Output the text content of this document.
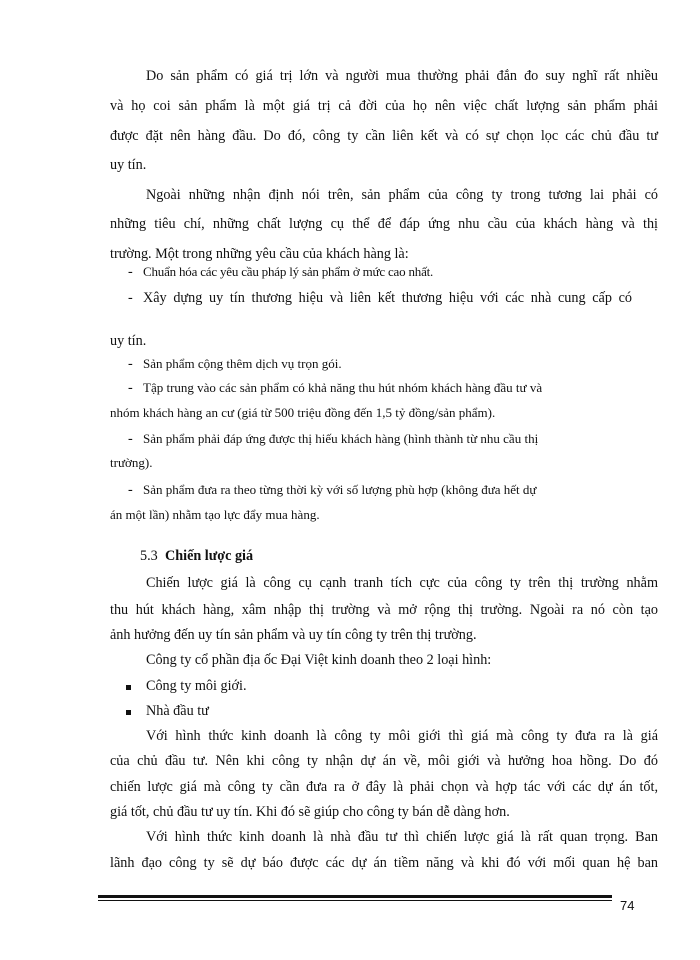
Do sản phẩm có giá trị lớn và người mua thường phải đắn đo suy nghĩ rất nhiều
và họ coi sản phẩm là một giá trị cả đời của họ nên việc chất lượng sản phẩm phải
được đặt nên hàng đầu. Do đó, công ty cần liên kết và có sự chọn lọc các chủ đầu tư
uy tín.
Ngoài những nhận định nói trên, sản phẩm của công ty trong tương lai phải có
những tiêu chí, những chất lượng cụ thể để đáp ứng nhu cầu của khách hàng và thị
trường. Một trong những yêu cầu của khách hàng là:
- Chuẩn hóa các yêu cầu pháp lý sản phẩm ở mức cao nhất.
- Xây dựng uy tín thương hiệu và liên kết thương hiệu với các nhà cung cấp có
uy tín.
- Sản phẩm cộng thêm dịch vụ trọn gói.
- Tập trung vào các sản phẩm có khả năng thu hút nhóm khách hàng đầu tư và
nhóm khách hàng an cư (giá từ 500 triệu đồng đến 1,5 tỷ đồng/sản phẩm).
- Sản phẩm phải đáp ứng được thị hiếu khách hàng (hình thành từ nhu cầu thị
trường).
- Sản phẩm đưa ra theo từng thời kỳ với số lượng phù hợp (không đưa hết dự
án một lần) nhằm tạo lực đẩy mua hàng.
5.3 Chiến lược giá
Chiến lược giá là công cụ cạnh tranh tích cực của công ty trên thị trường nhằm
thu hút khách hàng, xâm nhập thị trường và mở rộng thị trường. Ngoài ra nó còn tạo
ảnh hưởng đến uy tín sản phẩm và uy tín công ty trên thị trường.
Công ty cổ phần địa ốc Đại Việt kinh doanh theo 2 loại hình:
Công ty môi giới.
Nhà đầu tư
Với hình thức kinh doanh là công ty môi giới thì giá mà công ty đưa ra là giá
của chủ đầu tư. Nên khi công ty nhận dự án về, môi giới và hưởng hoa hồng. Do đó
chiến lược giá mà công ty cần đưa ra ở đây là phải chọn và hợp tác với các dự án tốt,
giá tốt, chủ đầu tư uy tín. Khi đó sẽ giúp cho công ty bán dễ dàng hơn.
Với hình thức kinh doanh là nhà đầu tư thì chiến lược giá là rất quan trọng. Ban
lãnh đạo công ty sẽ dự báo được các dự án tiềm năng và khi đó với mối quan hệ ban
74
